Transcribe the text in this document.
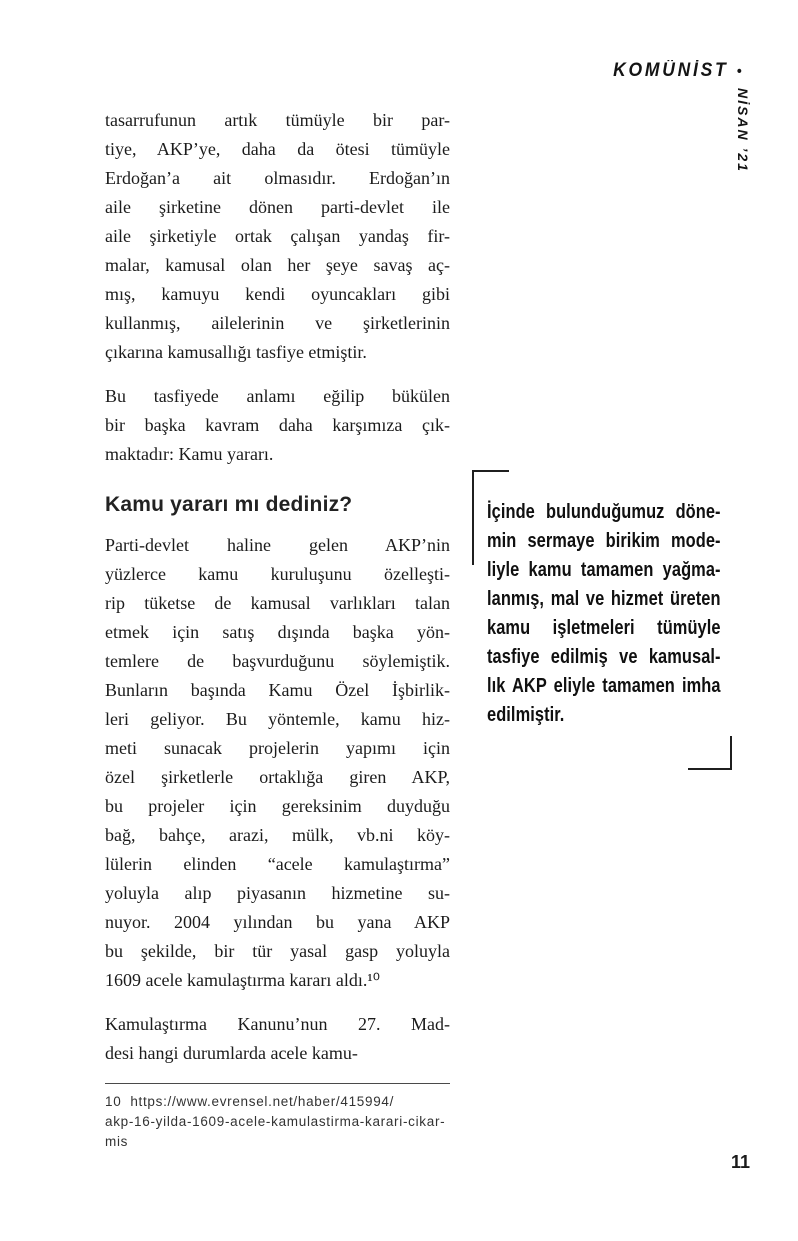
KOMÜNİST •
NİSAN ’21
tasarrufunun artık tümüyle bir par-
tiye, AKP’ye, daha da ötesi tümüyle
Erdoğan’a ait olmasıdır. Erdoğan’ın
aile şirketine dönen parti-devlet ile
aile şirketiyle ortak çalışan yandaş fir-
malar, kamusal olan her şeye savaş aç-
mış, kamuyu kendi oyuncakları gibi
kullanmış, ailelerinin ve şirketlerinin
çıkarına kamusallığı tasfiye etmiştir.
Bu tasfiyede anlamı eğilip bükülen
bir başka kavram daha karşımıza çık-
maktadır: Kamu yararı.
Kamu yararı mı dediniz?
Parti-devlet haline gelen AKP’nin
yüzlerce kamu kuruluşunu özelleşti-
rip tüketse de kamusal varlıkları talan
etmek için satış dışında başka yön-
temlere de başvurduğunu söylemiştik.
Bunların başında Kamu Özel İşbirlik-
leri geliyor. Bu yöntemle, kamu hiz-
meti sunacak projelerin yapımı için
özel şirketlerle ortaklığa giren AKP,
bu projeler için gereksinim duyduğu
bağ, bahçe, arazi, mülk, vb.ni köy-
lülerin elinden “acele kamulaştırma”
yoluyla alıp piyasanın hizmetine su-
nuyor. 2004 yılından bu yana AKP
bu şekilde, bir tür yasal gasp yoluyla
1609 acele kamulaştırma kararı aldı.¹⁰
Kamulaştırma Kanunu’nun 27. Mad-
desi hangi durumlarda acele kamu-
10  https://www.evrensel.net/haber/415994/
akp-16-yilda-1609-acele-kamulastirma-karari-cikar-
mis
İçinde bulunduğumuz döne-
min sermaye birikim mode-
liyle kamu tamamen yağma-
lanmış, mal ve hizmet üreten
kamu işletmeleri tümüyle
tasfiye edilmiş ve kamusal-
lık AKP eliyle tamamen imha
edilmiştir.
11
